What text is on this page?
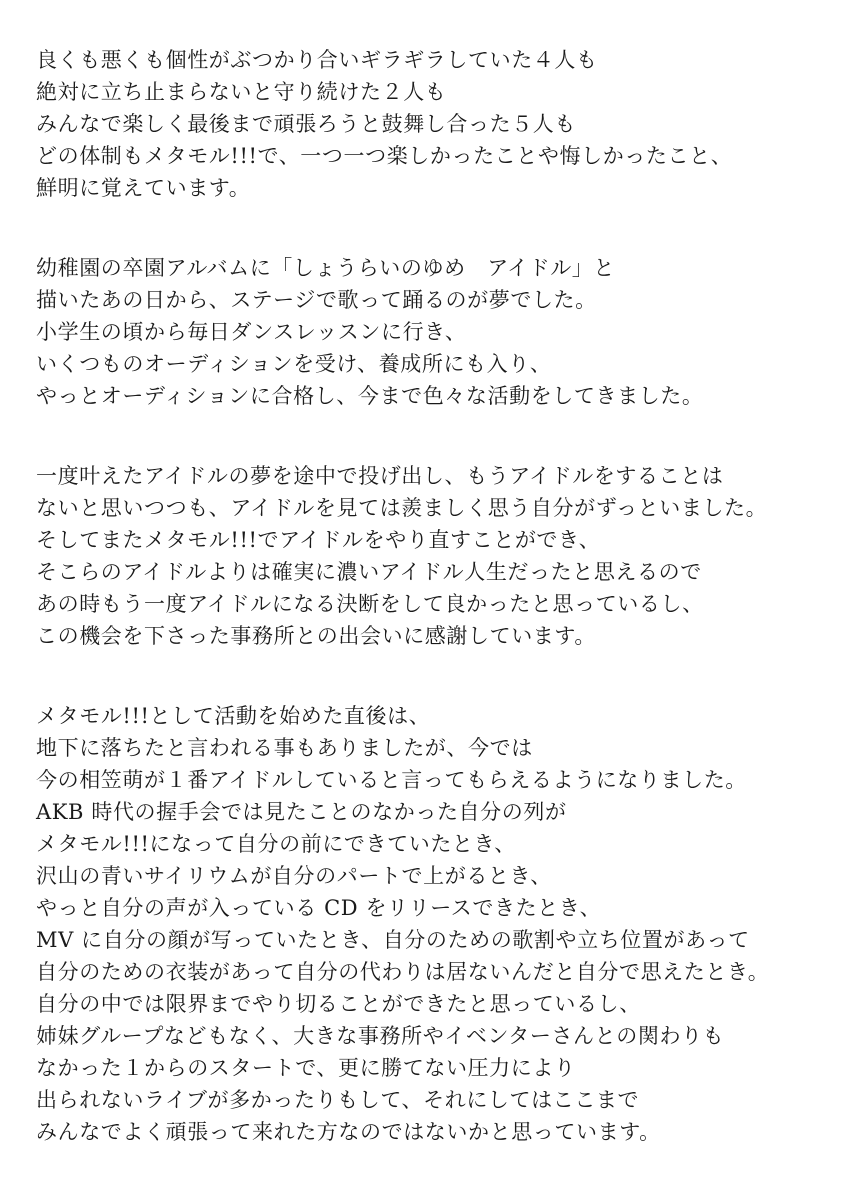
良くも悪くも個性がぶつかり合いギラギラしていた４人も
絶対に立ち止まらないと守り続けた２人も
みんなで楽しく最後まで頑張ろうと鼓舞し合った５人も
どの体制もメタモル!!!で、一つ一つ楽しかったことや悔しかったこと、
鮮明に覚えています。
幼稚園の卒園アルバムに「しょうらいのゆめ　アイドル」と
描いたあの日から、ステージで歌って踊るのが夢でした。
小学生の頃から毎日ダンスレッスンに行き、
いくつものオーディションを受け、養成所にも入り、
やっとオーディションに合格し、今まで色々な活動をしてきました。
一度叶えたアイドルの夢を途中で投げ出し、もうアイドルをすることは
ないと思いつつも、アイドルを見ては羨ましく思う自分がずっといました。
そしてまたメタモル!!!でアイドルをやり直すことができ、
そこらのアイドルよりは確実に濃いアイドル人生だったと思えるので
あの時もう一度アイドルになる決断をして良かったと思っているし、
この機会を下さった事務所との出会いに感謝しています。
メタモル!!!として活動を始めた直後は、
地下に落ちたと言われる事もありましたが、今では
今の相笠萌が１番アイドルしていると言ってもらえるようになりました。
AKB 時代の握手会では見たことのなかった自分の列が
メタモル!!!になって自分の前にできていたとき、
沢山の青いサイリウムが自分のパートで上がるとき、
やっと自分の声が入っている CD をリリースできたとき、
MV に自分の顔が写っていたとき、自分のための歌割や立ち位置があって
自分のための衣装があって自分の代わりは居ないんだと自分で思えたとき。
自分の中では限界までやり切ることができたと思っているし、
姉妹グループなどもなく、大きな事務所やイベンターさんとの関わりも
なかった１からのスタートで、更に勝てない圧力により
出られないライブが多かったりもして、それにしてはここまで
みんなでよく頑張って来れた方なのではないかと思っています。
